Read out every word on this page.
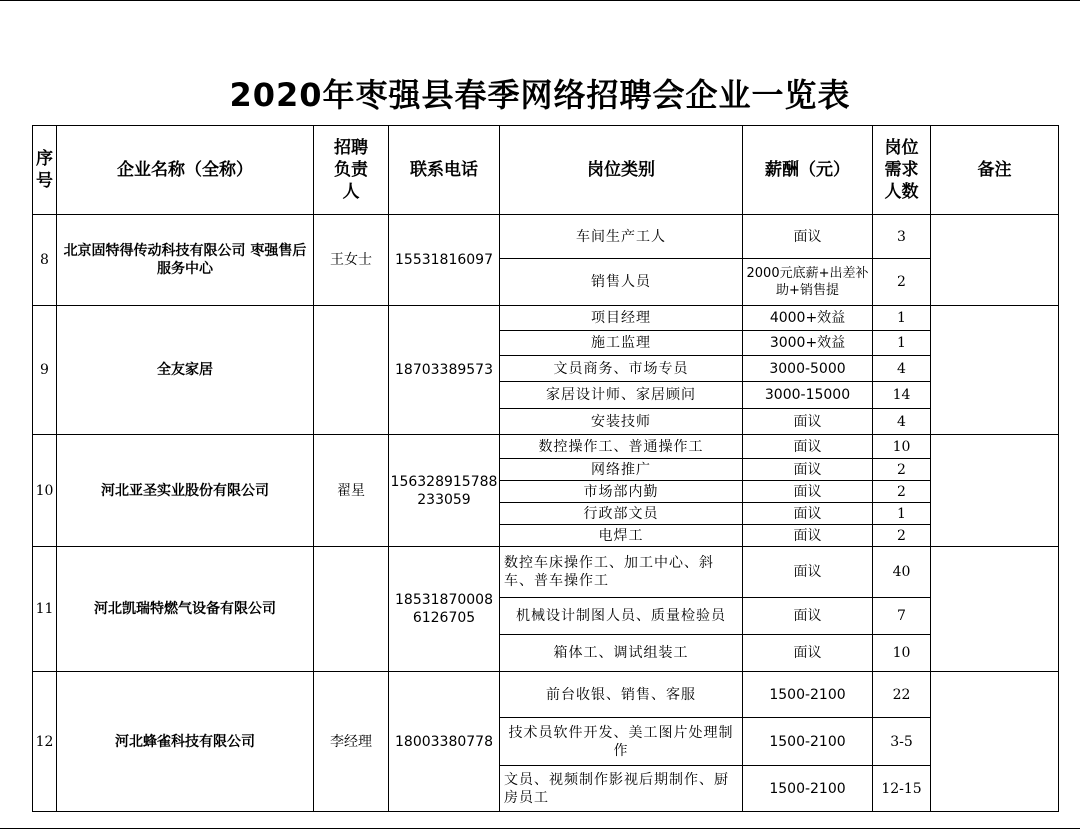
2020年枣强县春季网络招聘会企业一览表
序号	企业名称（全称）	招聘负责人	联系电话	岗位类别	薪酬（元）	岗位需求人数	备注
8	北京固特得传动科技有限公司 枣强售后服务中心	王女士	15531816097	车间生产工人	面议	3	
				销售人员	2000元底薪+出差补助+销售提	2	
9	全友家居		18703389573	项目经理	4000+效益	1	
				施工监理	3000+效益	1	
				文员商务、市场专员	3000-5000	4	
				家居设计师、家居顾问	3000-15000	14	
				安装技师	面议	4	
10	河北亚圣实业股份有限公司	翟星	156328915788 233059	数控操作工、普通操作工	面议	10	
				网络推广	面议	2	
				市场部内勤	面议	2	
				行政部文员	面议	1	
				电焊工	面议	2	
11	河北凯瑞特燃气设备有限公司		18531870008 6126705	数控车床操作工、加工中心、斜车、普车操作工	面议	40	
				机械设计制图人员、质量检验员	面议	7	
				箱体工、调试组装工	面议	10	
12	河北蜂雀科技有限公司	李经理	18003380778	前台收银、销售、客服	1500-2100	22	
				技术员软件开发、美工图片处理制作	1500-2100	3-5	
				文员、视频制作影视后期制作、厨房员工	1500-2100	12-15	
